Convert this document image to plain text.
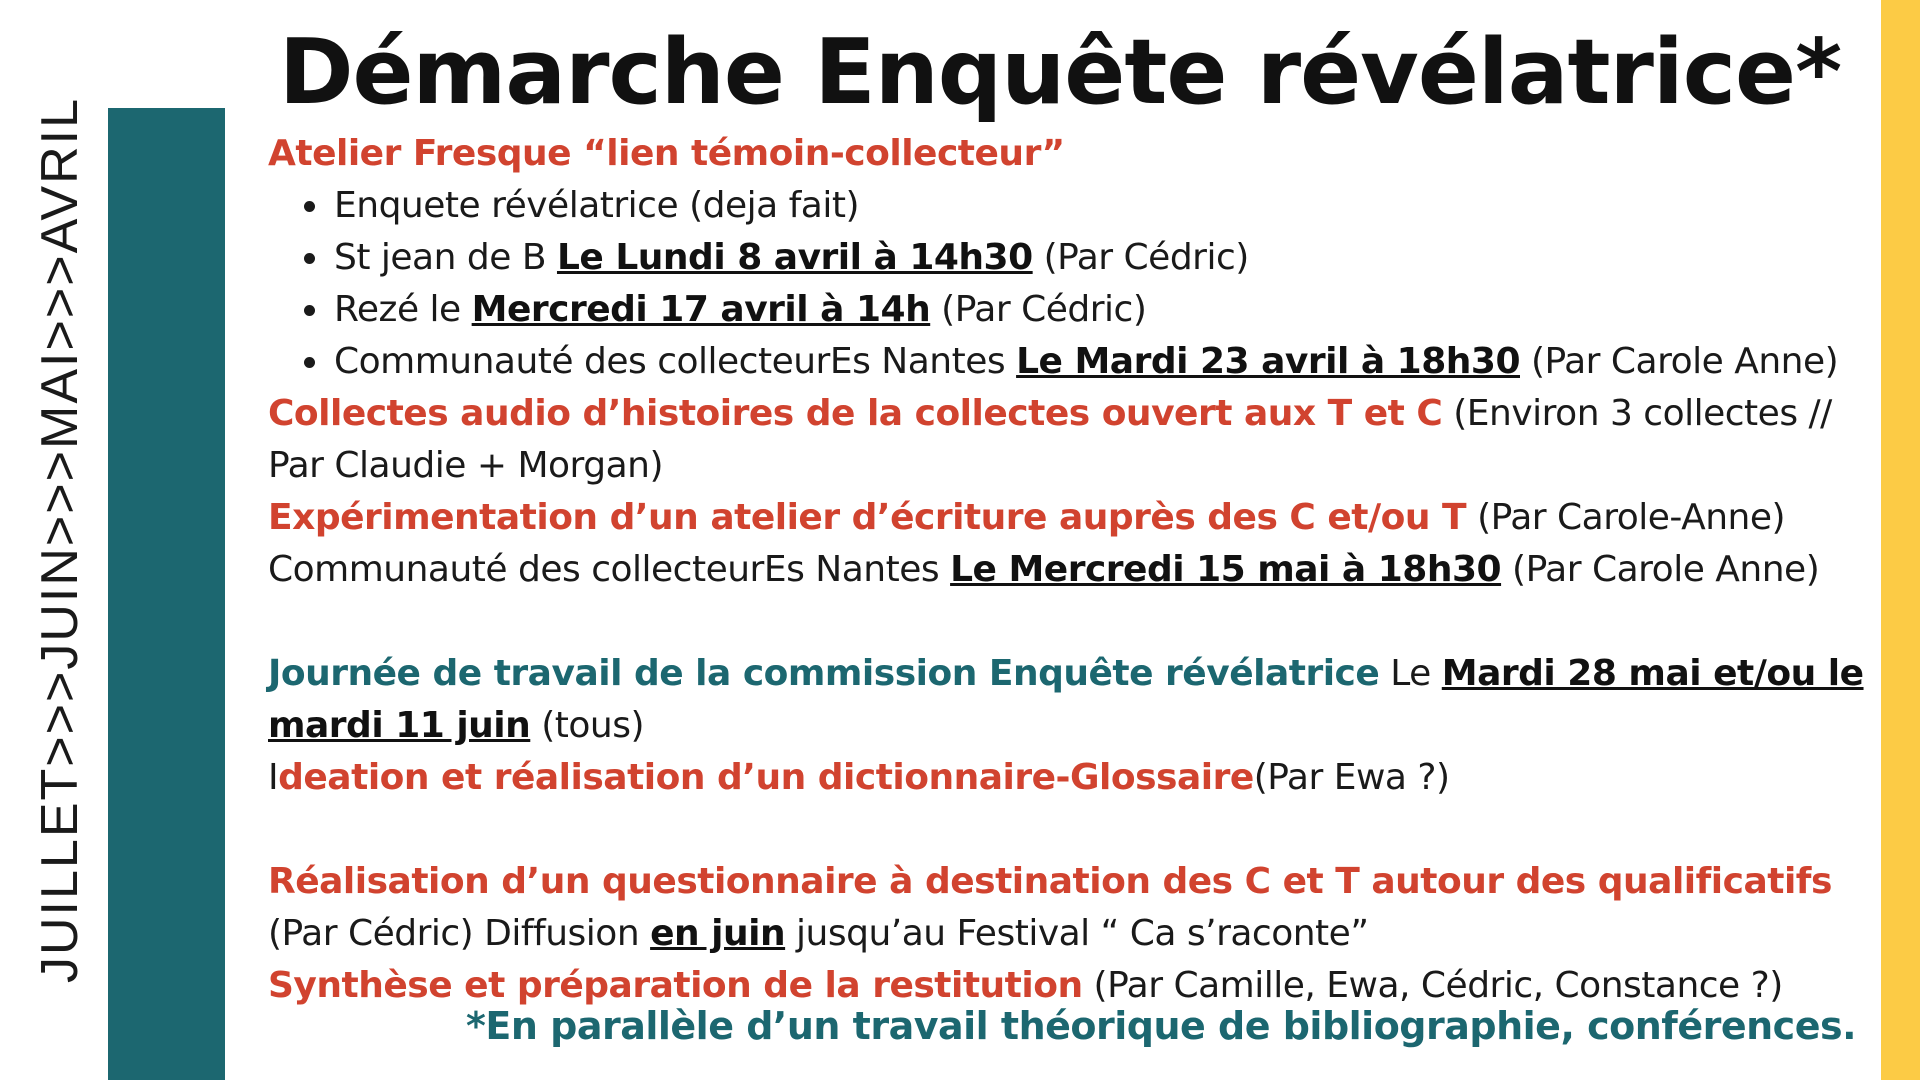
JUILLET>>>JUIN>>>MAI>>>AVRIL
Démarche Enquête révélatrice*

Atelier Fresque “lien témoin-collecteur”

• Enquete révélatrice (deja fait)
• St jean de B Le Lundi 8 avril à 14h30 (Par Cédric)
• Rezé le Mercredi 17 avril à 14h (Par Cédric)
• Communauté des collecteurEs Nantes Le Mardi 23 avril à 18h30 (Par Carole Anne)

Collectes audio d’histoires de la collectes ouvert aux T et C (Environ 3 collectes // Par Claudie + Morgan)

Expérimentation d’un atelier d’écriture auprès des C et/ou T (Par Carole-Anne)

Communauté des collecteurEs Nantes Le Mercredi 15 mai à 18h30 (Par Carole Anne)

Journée de travail de la commission Enquête révélatrice Le Mardi 28 mai et/ou le mardi 11 juin (tous)

Ideation et réalisation d’un dictionnaire-Glossaire(Par Ewa ?)

Réalisation d’un questionnaire à destination des C et T autour des qualificatifs (Par Cédric) Diffusion en juin jusqu’au Festival “ Ca s’raconte”

Synthèse et préparation de la restitution (Par Camille, Ewa, Cédric, Constance ?)

*En parallèle d’un travail théorique de bibliographie, conférences.
